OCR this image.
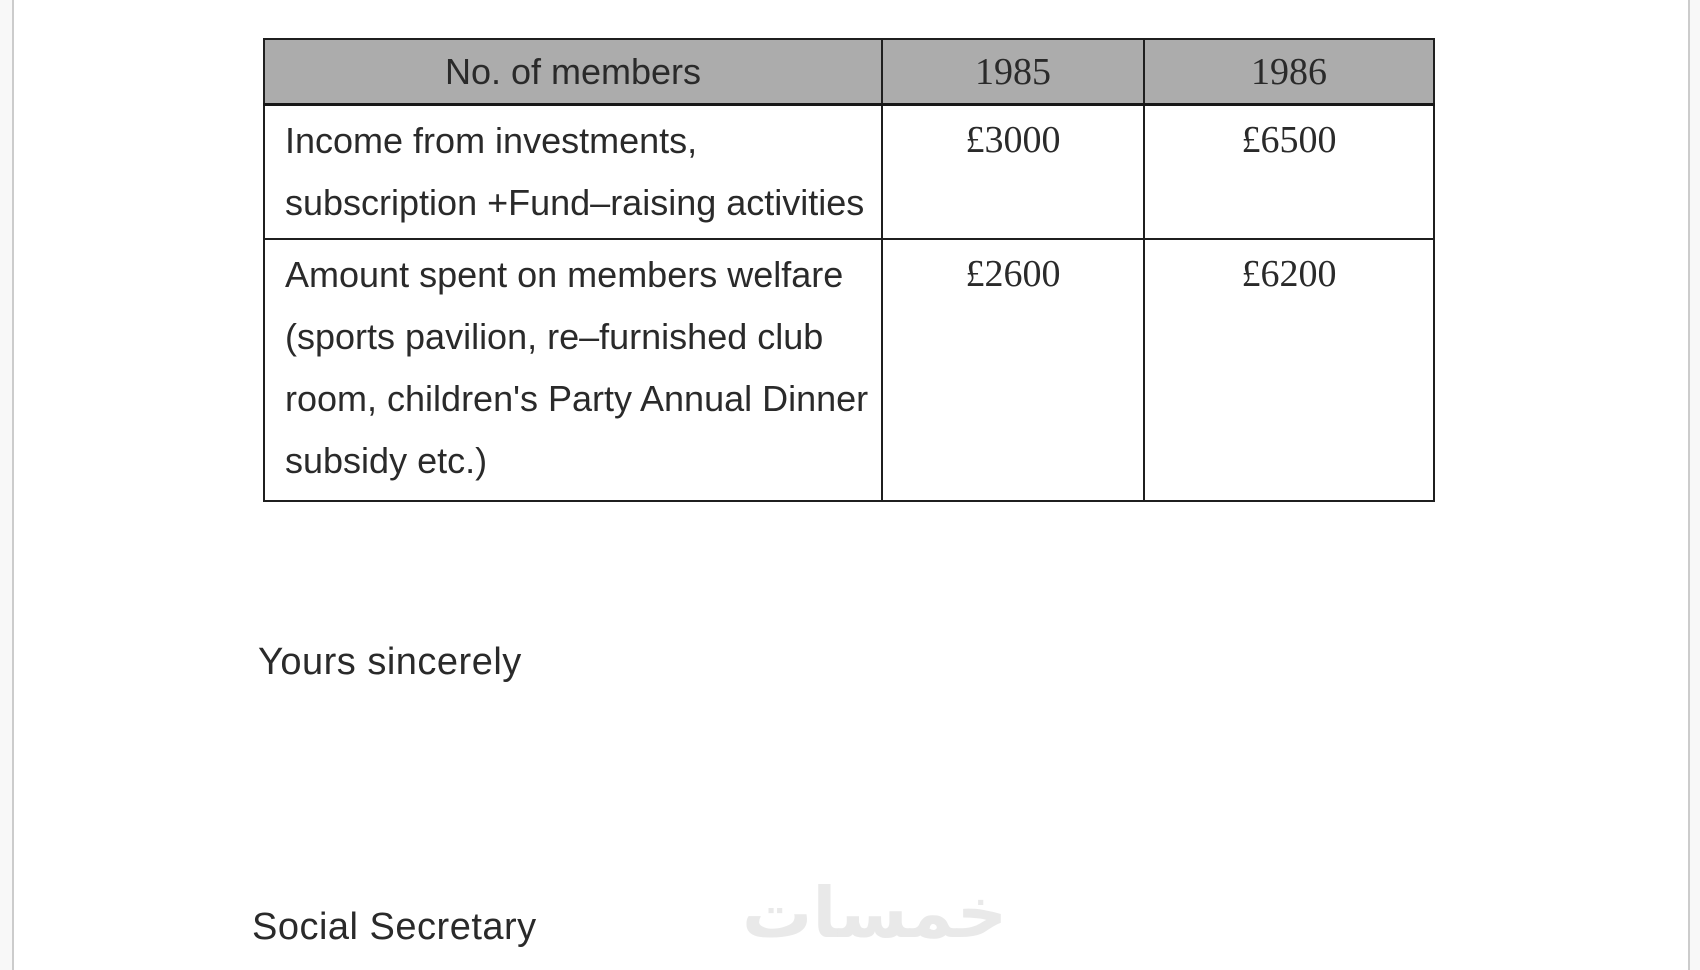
No. of members	1985	1986

Income from investments,
subscription +Fund–raising activities	£3000	£6500

Amount spent on members welfare
(sports pavilion, re–furnished club
room, children's Party Annual Dinner
subsidy etc.)	£2600	£6200
Yours sincerely
Social Secretary	خمسات
